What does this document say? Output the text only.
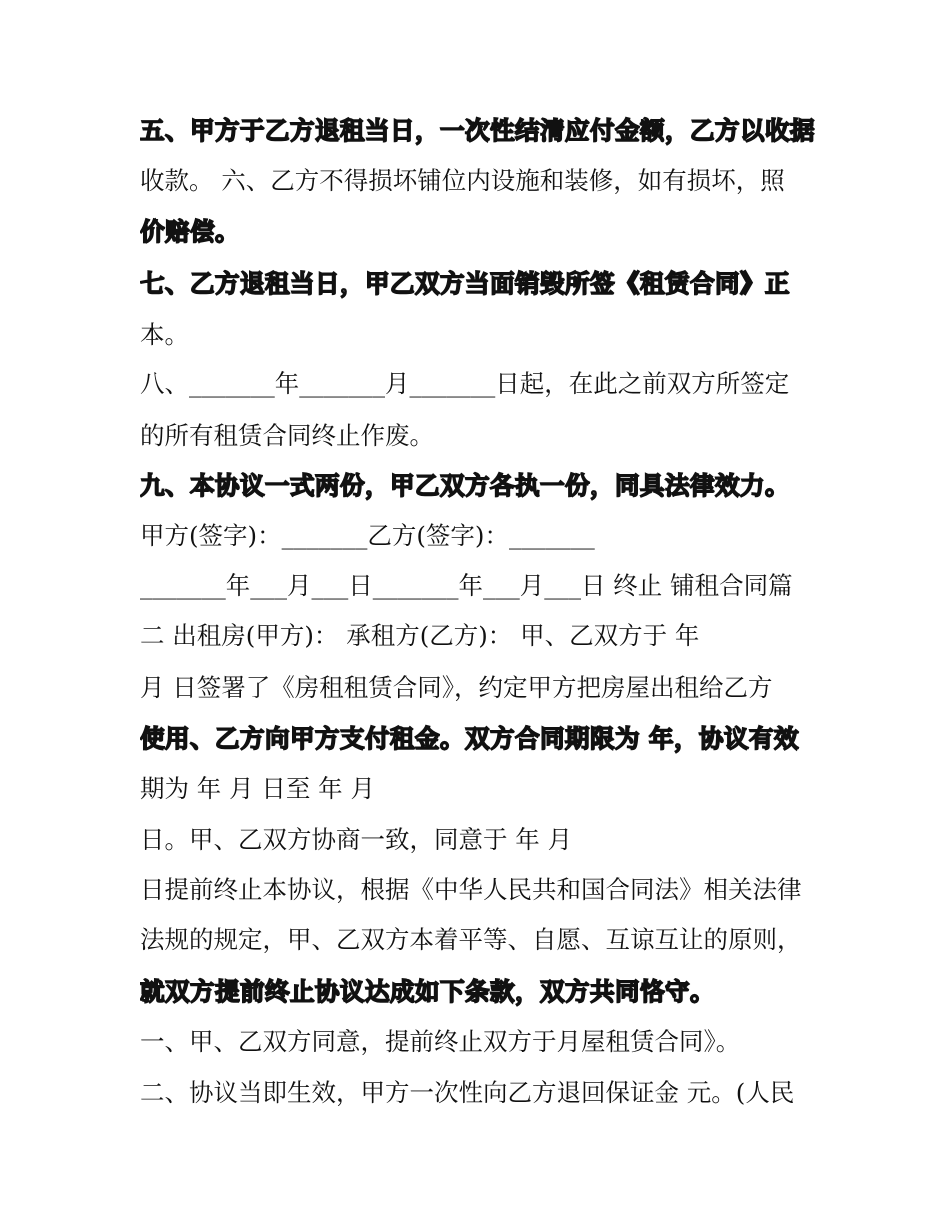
五、甲方于乙方退租当日，一次性结清应付金额，乙方以收据
收款。 六、乙方不得损坏铺位内设施和装修，如有损坏，照
价赔偿。
七、乙方退租当日，甲乙双方当面销毁所签《租赁合同》正
本。
八、_______年_______月_______日起，在此之前双方所签定
的所有租赁合同终止作废。
九、本协议一式两份，甲乙双方各执一份，同具法律效力。
甲方(签字)：_______乙方(签字)：_______
_______年___月___日_______年___月___日 终止 铺租合同篇
二 出租房(甲方)： 承租方(乙方)： 甲、乙双方于 年
月 日签署了《房租租赁合同》，约定甲方把房屋出租给乙方
使用、乙方向甲方支付租金。双方合同期限为 年，协议有效
期为 年 月 日至 年 月
日。甲、乙双方协商一致，同意于 年 月
日提前终止本协议，根据《中华人民共和国合同法》相关法律
法规的规定，甲、乙双方本着平等、自愿、互谅互让的原则，
就双方提前终止协议达成如下条款，双方共同恪守。
一、甲、乙双方同意，提前终止双方于月屋租赁合同》。
二、协议当即生效，甲方一次性向乙方退回保证金 元。(人民
